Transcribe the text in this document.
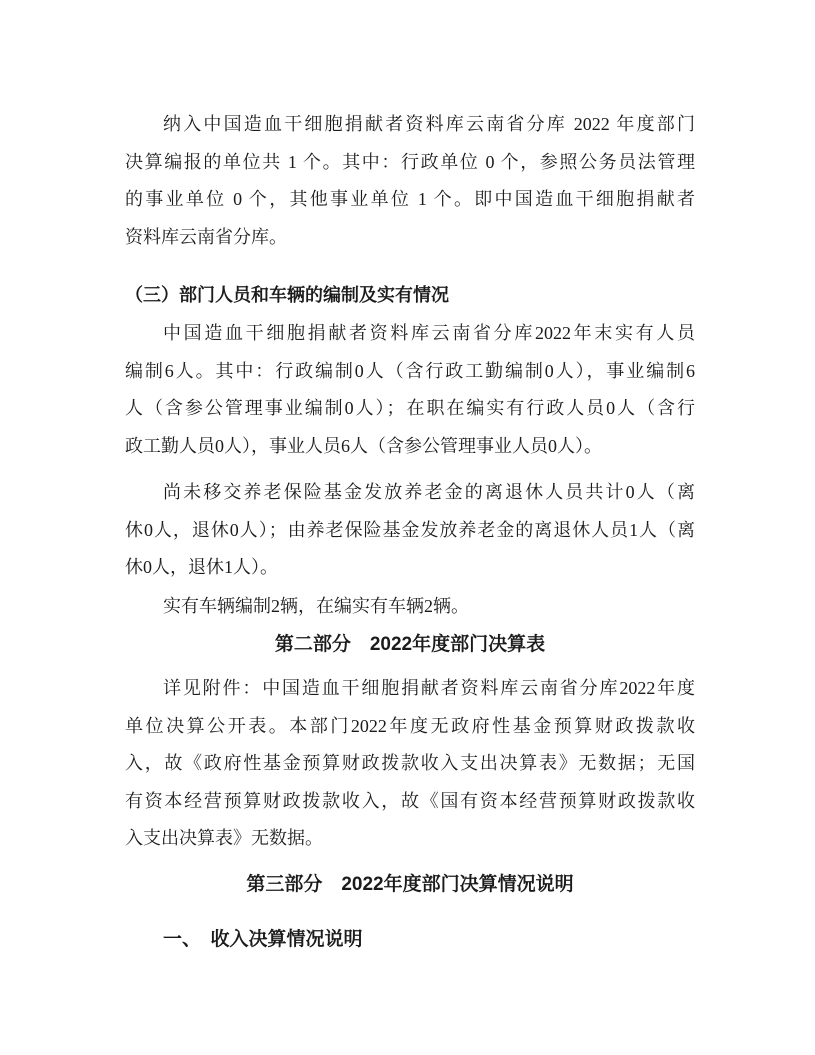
纳入中国造血干细胞捐献者资料库云南省分库 2022 年度部门
决算编报的单位共 1 个。其中：行政单位 0 个，参照公务员法管理
的事业单位 0 个，其他事业单位 1 个。即中国造血干细胞捐献者
资料库云南省分库。
（三）部门人员和车辆的编制及实有情况
中国造血干细胞捐献者资料库云南省分库2022年末实有人员
编制6人。其中：行政编制0人（含行政工勤编制0人），事业编制6
人（含参公管理事业编制0人）；在职在编实有行政人员0人（含行
政工勤人员0人），事业人员6人（含参公管理事业人员0人）。
尚未移交养老保险基金发放养老金的离退休人员共计0人（离
休0人，退休0人）；由养老保险基金发放养老金的离退休人员1人（离
休0人，退休1人）。
实有车辆编制2辆，在编实有车辆2辆。
第二部分　2022年度部门决算表
详见附件：中国造血干细胞捐献者资料库云南省分库2022年度
单位决算公开表。本部门2022年度无政府性基金预算财政拨款收
入，故《政府性基金预算财政拨款收入支出决算表》无数据；无国
有资本经营预算财政拨款收入，故《国有资本经营预算财政拨款收
入支出决算表》无数据。
第三部分　2022年度部门决算情况说明
一、　收入决算情况说明
